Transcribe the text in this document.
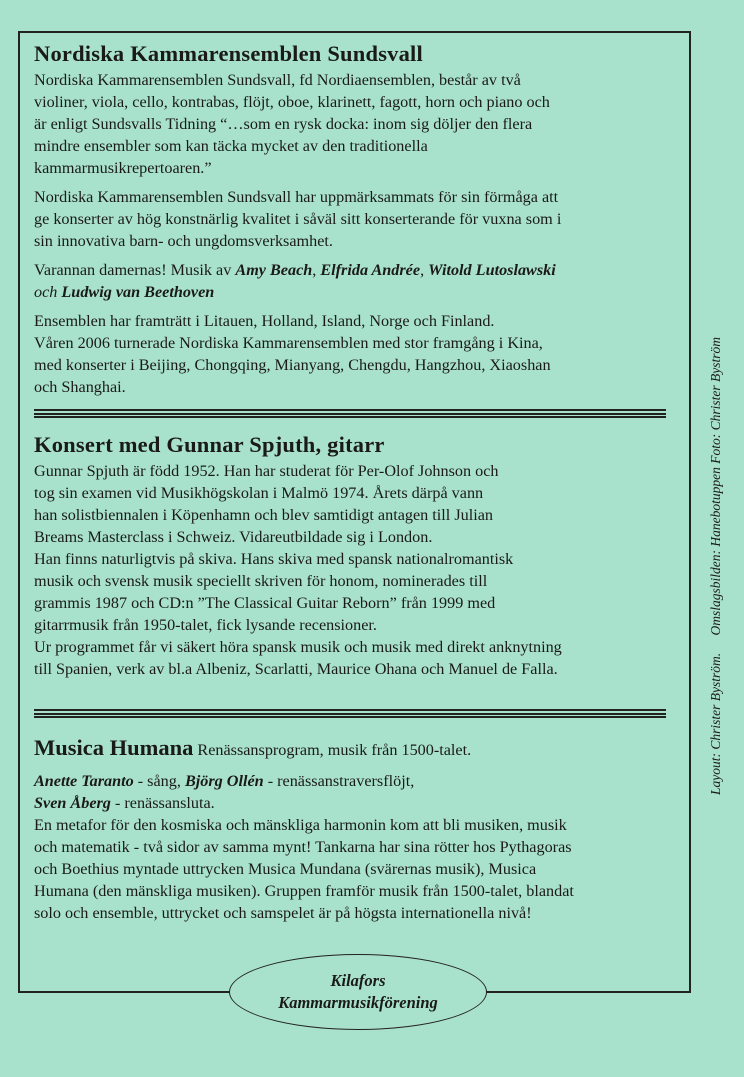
Nordiska Kammarensemblen Sundsvall

Nordiska Kammarensemblen Sundsvall, fd Nordiaensemblen, består av två
violiner, viola, cello, kontrabas, flöjt, oboe, klarinett, fagott, horn och piano och
är enligt Sundsvalls Tidning “…som en rysk docka: inom sig döljer den flera
mindre ensembler som kan täcka mycket av den traditionella
kammarmusikrepertoaren.”

Nordiska Kammarensemblen Sundsvall har uppmärksammats för sin förmåga att
ge konserter av hög konstnärlig kvalitet i såväl sitt konserterande för vuxna som i
sin innovativa barn- och ungdomsverksamhet.

Varannan damernas! Musik av Amy Beach, Elfrida Andrée, Witold Lutoslawski
och Ludwig van Beethoven

Ensemblen har framträtt i Litauen, Holland, Island, Norge och Finland.
Våren 2006 turnerade Nordiska Kammarensemblen med stor framgång i Kina,
med konserter i Beijing, Chongqing, Mianyang, Chengdu, Hangzhou, Xiaoshan
och Shanghai.

Konsert med Gunnar Spjuth, gitarr

Gunnar Spjuth är född 1952. Han har studerat för Per-Olof Johnson och
tog sin examen vid Musikhögskolan i Malmö 1974. Årets därpå vann
han solistbiennalen i Köpenhamn och blev samtidigt antagen till Julian
Breams Masterclass i Schweiz. Vidareutbildade sig i London.
Han finns naturligtvis på skiva. Hans skiva med spansk nationalromantisk
musik och svensk musik speciellt skriven för honom, nominerades till
grammis 1987 och CD:n ”The Classical Guitar Reborn” från 1999 med
gitarrmusik från 1950-talet, fick lysande recensioner.
Ur programmet får vi säkert höra spansk musik och musik med direkt anknytning
till Spanien, verk av bl.a Albeniz, Scarlatti, Maurice Ohana och Manuel de Falla.

Musica Humana Renässansprogram, musik från 1500-talet.

Anette Taranto - sång, Björg Ollén - renässanstraversflöjt,
Sven Åberg - renässansluta.
En metafor för den kosmiska och mänskliga harmonin kom att bli musiken, musik
och matematik - två sidor av samma mynt! Tankarna har sina rötter hos Pythagoras
och Boethius myntade uttrycken Musica Mundana (svärernas musik), Musica
Humana (den mänskliga musiken). Gruppen framför musik från 1500-talet, blandat
solo och ensemble, uttrycket och samspelet är på högsta internationella nivå!

Kilafors
Kammarmusikförening
Layout: Christer Byström. Omslagsbilden: Hanebotuppen Foto: Christer Byström
